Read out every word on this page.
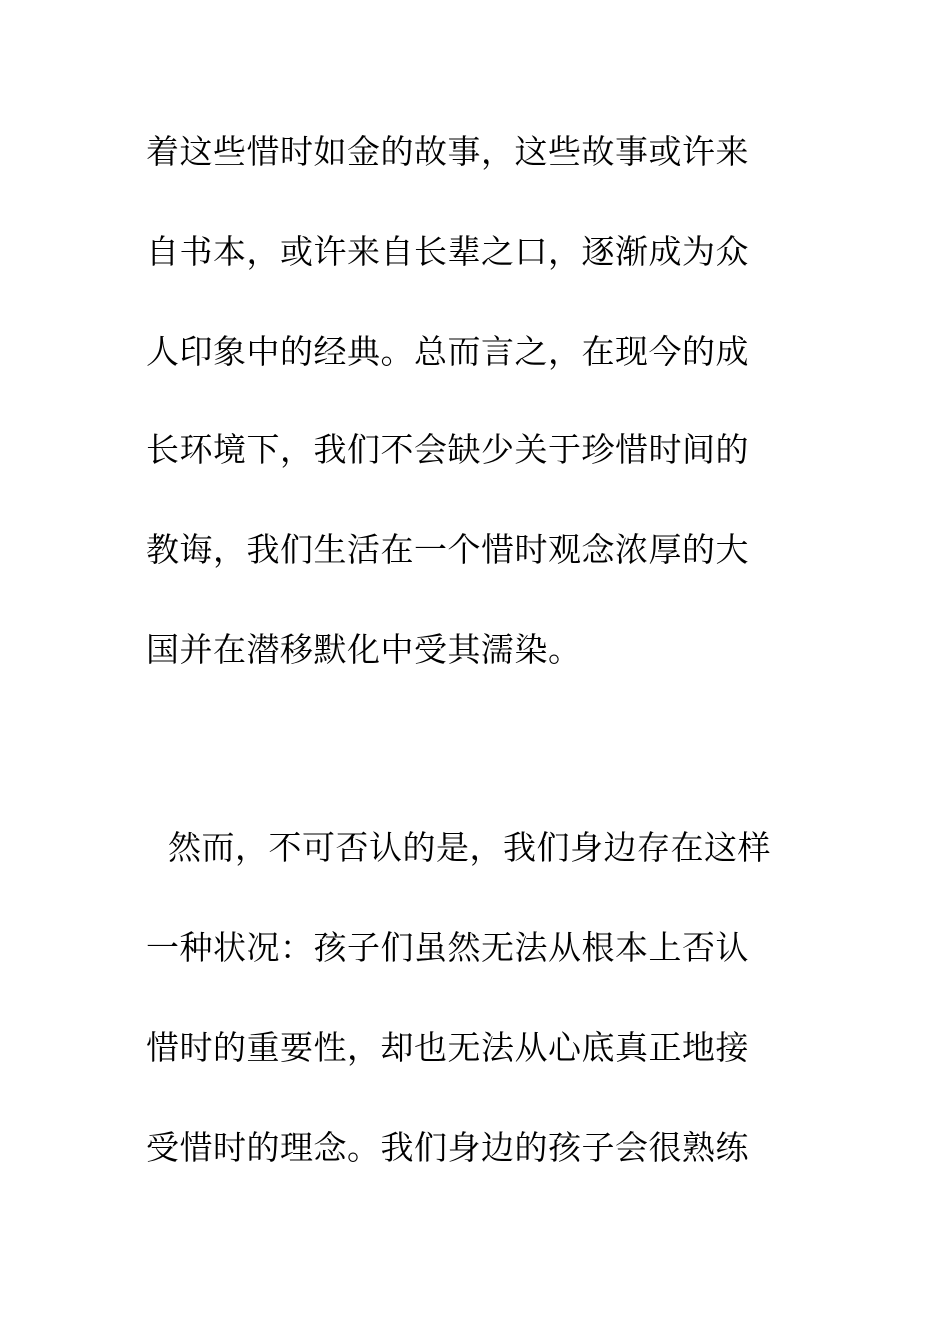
着这些惜时如金的故事，这些故事或许来
自书本，或许来自长辈之口，逐渐成为众
人印象中的经典。总而言之，在现今的成
长环境下，我们不会缺少关于珍惜时间的
教诲，我们生活在一个惜时观念浓厚的大
国并在潜移默化中受其濡染。
然而，不可否认的是，我们身边存在这样
一种状况：孩子们虽然无法从根本上否认
惜时的重要性，却也无法从心底真正地接
受惜时的理念。我们身边的孩子会很熟练
